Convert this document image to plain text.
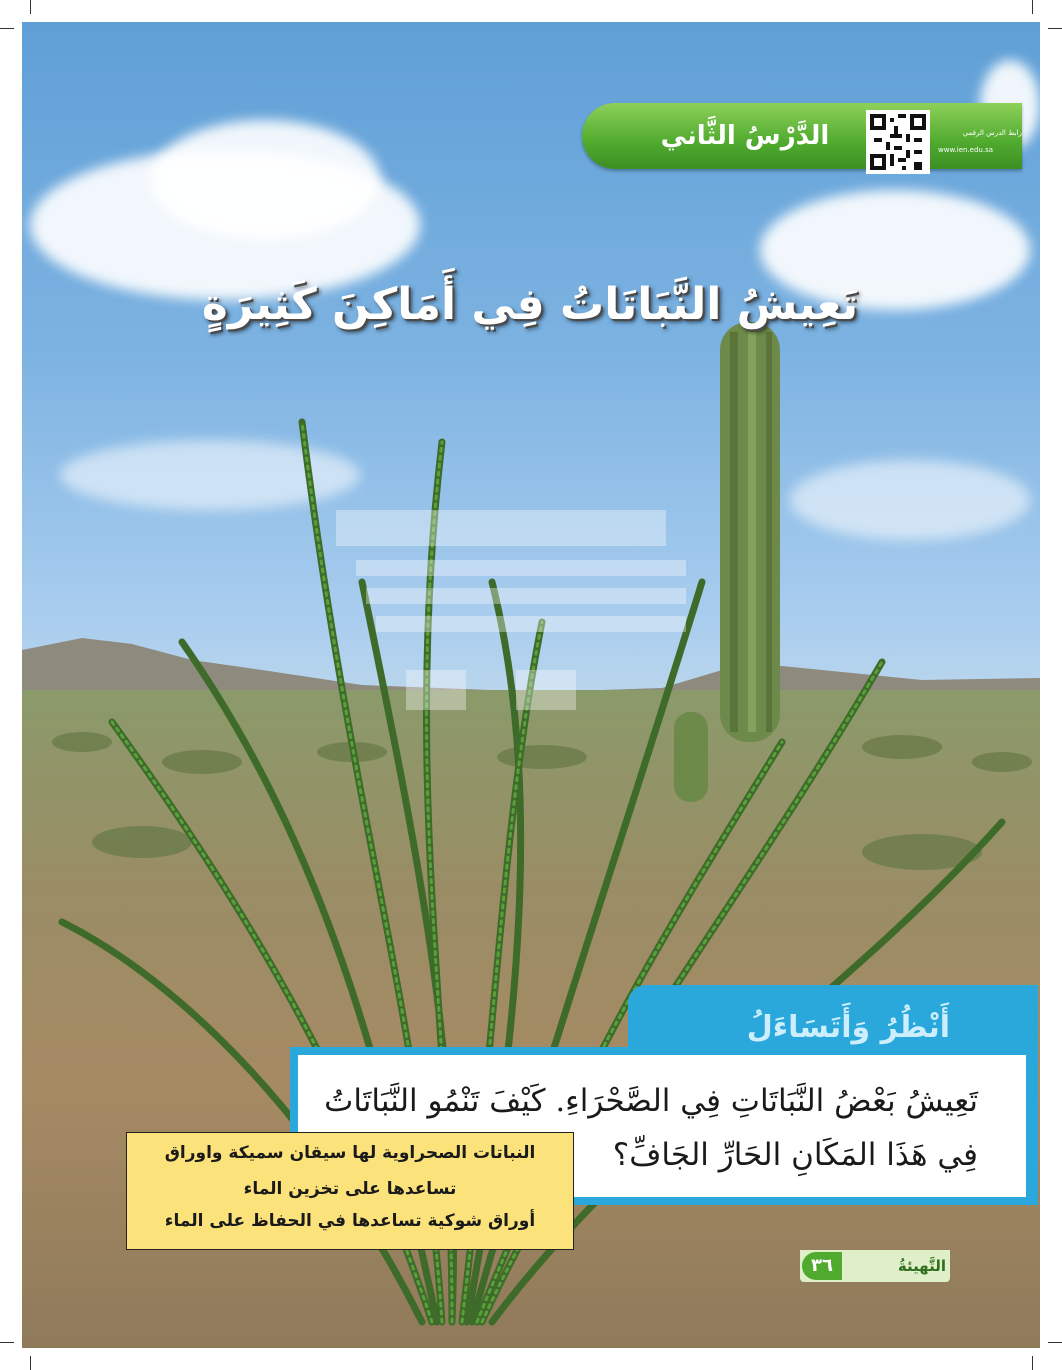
الدَّرْسُ الثَّاني	رابط الدرس الرقمي
www.ien.edu.sa
تَعِيشُ النَّبَاتَاتُ فِي أَمَاكِنَ كَثِيرَةٍ
أَنْظُرُ وَأَتَسَاءَلُ
تَعِيشُ بَعْضُ النَّبَاتَاتِ فِي الصَّحْرَاءِ. كَيْفَ تَنْمُو النَّبَاتَاتُ
فِي هَذَا المَكَانِ الحَارِّ الجَافِّ؟
النباتات الصحراوية لها سيقان سميكة واوراق
تساعدها على تخزين الماء
أوراق شوكية تساعدها في الحفاظ على الماء
٣٦	التَّهيئةُ
